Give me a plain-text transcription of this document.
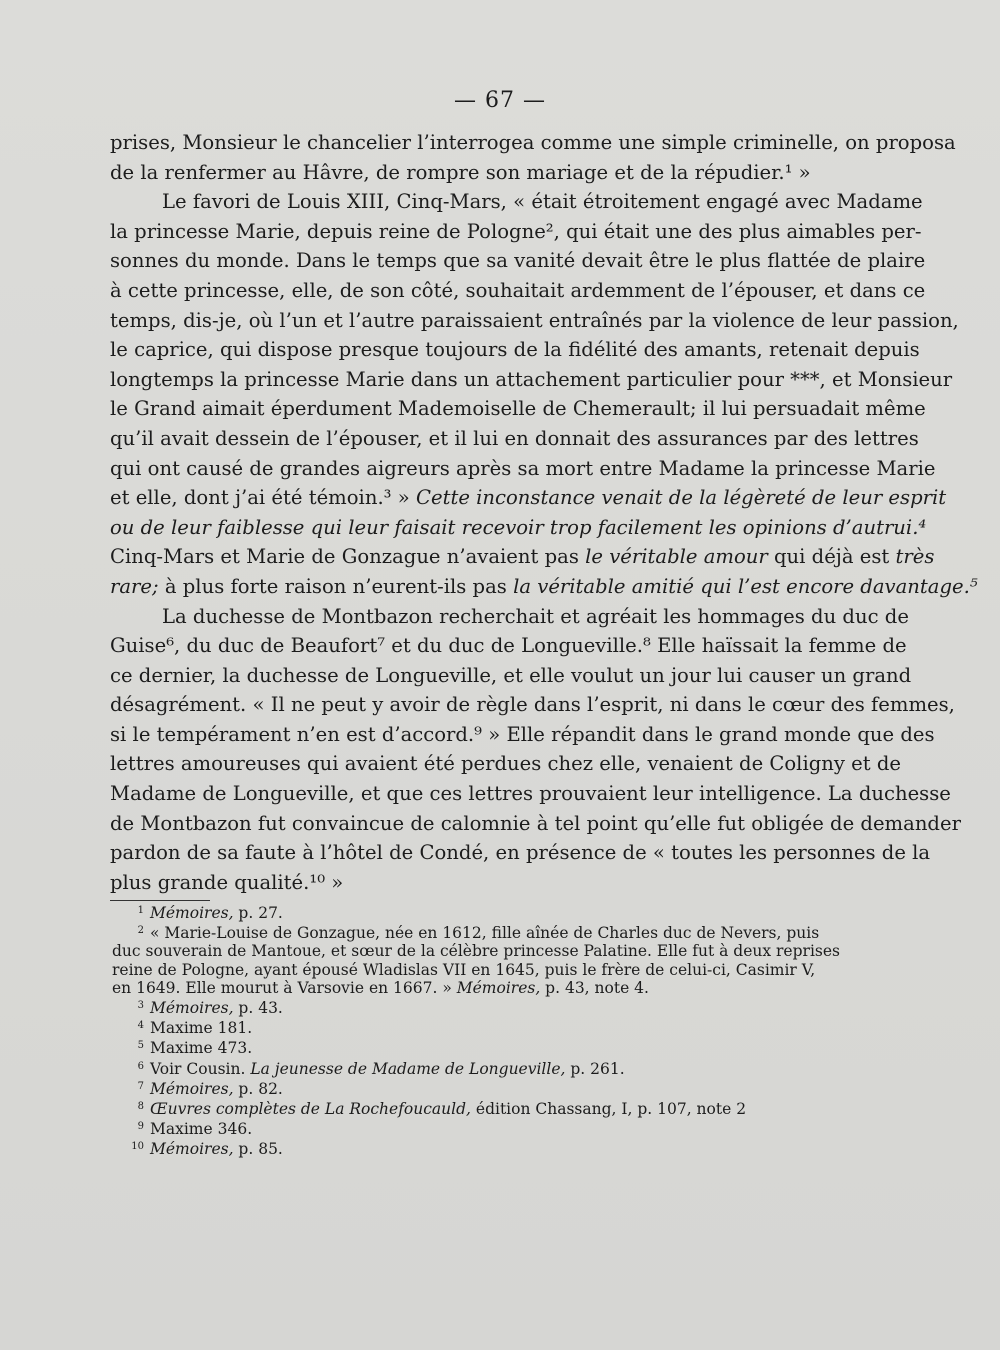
— 67 —
prises, Monsieur le chancelier l’interrogea comme une simple criminelle, on proposa
de la renfermer au Hâvre, de rompre son mariage et de la répudier.¹ »
Le favori de Louis XIII, Cinq-Mars, « était étroitement engagé avec Madame
la princesse Marie, depuis reine de Pologne², qui était une des plus aimables per-
sonnes du monde. Dans le temps que sa vanité devait être le plus flattée de plaire
à cette princesse, elle, de son côté, souhaitait ardemment de l’épouser, et dans ce
temps, dis-je, où l’un et l’autre paraissaient entraînés par la violence de leur passion,
le caprice, qui dispose presque toujours de la fidélité des amants, retenait depuis
longtemps la princesse Marie dans un attachement particulier pour ***, et Monsieur
le Grand aimait éperdument Mademoiselle de Chemerault; il lui persuadait même
qu’il avait dessein de l’épouser, et il lui en donnait des assurances par des lettres
qui ont causé de grandes aigreurs après sa mort entre Madame la princesse Marie
et elle, dont j’ai été témoin.³ » Cette inconstance venait de la légèreté de leur esprit
ou de leur faiblesse qui leur faisait recevoir trop facilement les opinions d’autrui.⁴
Cinq-Mars et Marie de Gonzague n’avaient pas le véritable amour qui déjà est très
rare; à plus forte raison n’eurent-ils pas la véritable amitié qui l’est encore davantage.⁵
La duchesse de Montbazon recherchait et agréait les hommages du duc de
Guise⁶, du duc de Beaufort⁷ et du duc de Longueville.⁸ Elle haïssait la femme de
ce dernier, la duchesse de Longueville, et elle voulut un jour lui causer un grand
désagrément. « Il ne peut y avoir de règle dans l’esprit, ni dans le cœur des femmes,
si le tempérament n’en est d’accord.⁹ » Elle répandit dans le grand monde que des
lettres amoureuses qui avaient été perdues chez elle, venaient de Coligny et de
Madame de Longueville, et que ces lettres prouvaient leur intelligence. La duchesse
de Montbazon fut convaincue de calomnie à tel point qu’elle fut obligée de demander
pardon de sa faute à l’hôtel de Condé, en présence de « toutes les personnes de la
plus grande qualité.¹⁰ »
1 Mémoires, p. 27.
2 « Marie-Louise de Gonzague, née en 1612, fille aînée de Charles duc de Nevers, puis
duc souverain de Mantoue, et sœur de la célèbre princesse Palatine. Elle fut à deux reprises
reine de Pologne, ayant épousé Wladislas VII en 1645, puis le frère de celui-ci, Casimir V,
en 1649. Elle mourut à Varsovie en 1667. » Mémoires, p. 43, note 4.
3 Mémoires, p. 43.
4 Maxime 181.
5 Maxime 473.
6 Voir Cousin. La jeunesse de Madame de Longueville, p. 261.
7 Mémoires, p. 82.
8 Œuvres complètes de La Rochefoucauld, édition Chassang, I, p. 107, note 2
9 Maxime 346.
10 Mémoires, p. 85.
